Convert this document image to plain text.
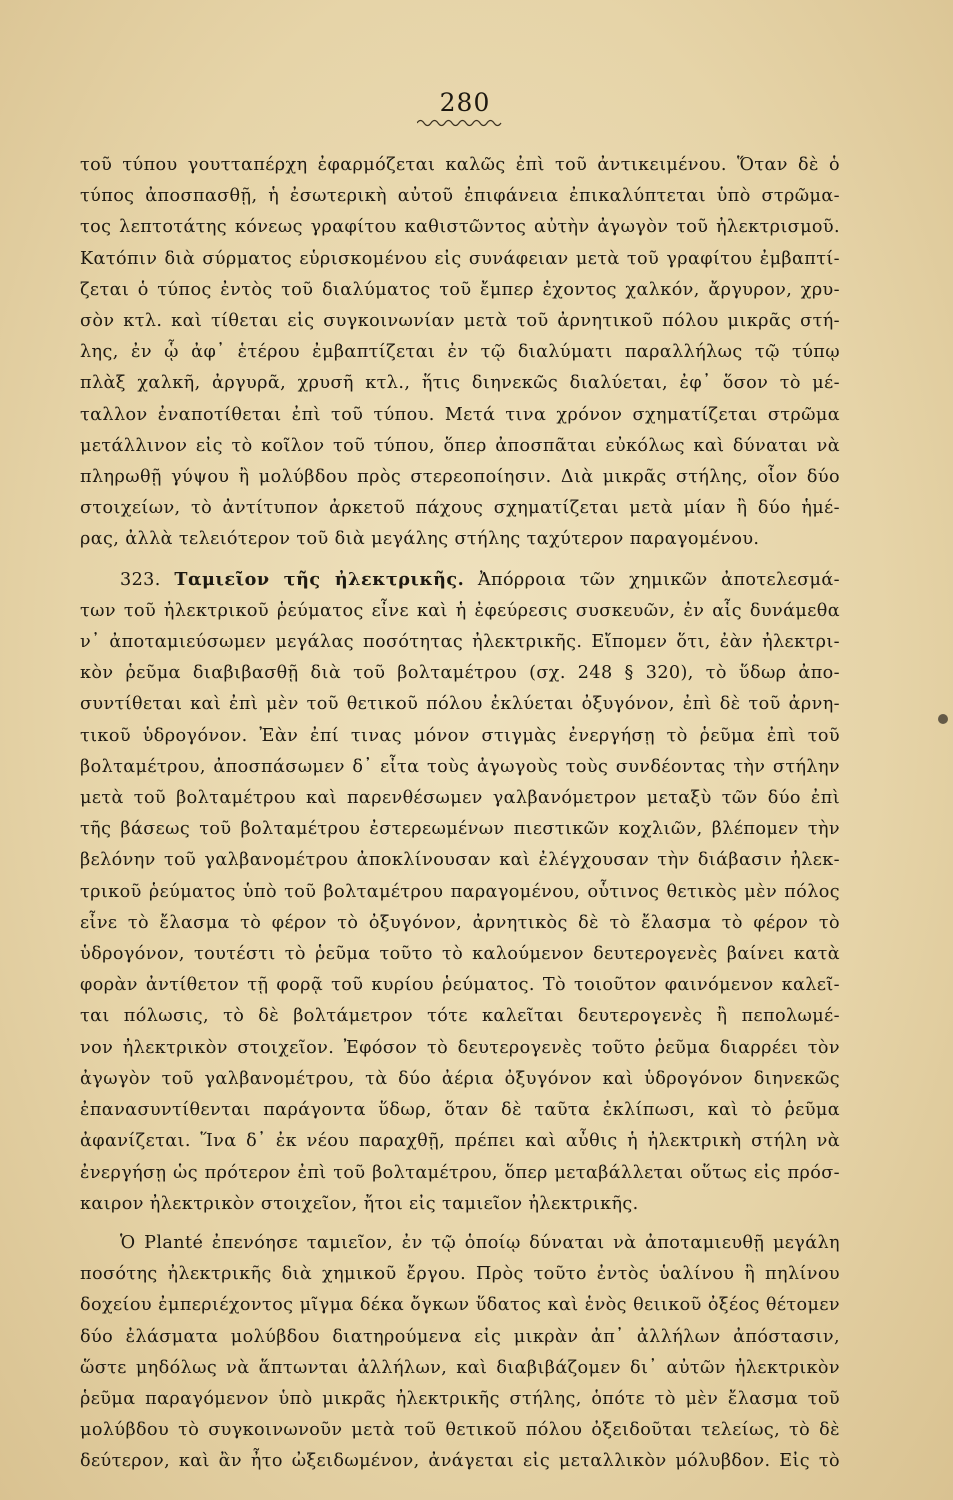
280
τοῦ τύπου γουτταπέρχη ἐφαρμόζεται καλῶς ἐπὶ τοῦ ἀντικειμένου. Ὅταν δὲ ὁ
τύπος ἀποσπασθῇ, ἡ ἐσωτερικὴ αὐτοῦ ἐπιφάνεια ἐπικαλύπτεται ὑπὸ στρῶμα-
τος λεπτοτάτης κόνεως γραφίτου καθιστῶντος αὐτὴν ἀγωγὸν τοῦ ἠλεκτρισμοῦ.
Κατόπιν διὰ σύρματος εὑρισκομένου εἰς συνάφειαν μετὰ τοῦ γραφίτου ἐμβαπτί-
ζεται ὁ τύπος ἐντὸς τοῦ διαλύματος τοῦ ἔμπερ ἐχοντος χαλκόν, ἄργυρον, χρυ-
σὸν κτλ. καὶ τίθεται εἰς συγκοινωνίαν μετὰ τοῦ ἀρνητικοῦ πόλου μικρᾶς στή-
λης, ἐν ᾧ ἀφ᾽ ἑτέρου ἐμβαπτίζεται ἐν τῷ διαλύματι παραλλήλως τῷ τύπῳ
πλὰξ χαλκῆ, ἀργυρᾶ, χρυσῆ κτλ., ἥτις διηνεκῶς διαλύεται, ἐφ᾽ ὅσον τὸ μέ-
ταλλον ἐναποτίθεται ἐπὶ τοῦ τύπου. Μετά τινα χρόνον σχηματίζεται στρῶμα
μετάλλινον εἰς τὸ κοῖλον τοῦ τύπου, ὅπερ ἀποσπᾶται εὐκόλως καὶ δύναται νὰ
πληρωθῇ γύψου ἢ μολύβδου πρὸς στερεοποίησιν. Διὰ μικρᾶς στήλης, οἷον δύο
στοιχείων, τὸ ἀντίτυπον ἀρκετοῦ πάχους σχηματίζεται μετὰ μίαν ἢ δύο ἡμέ-
ρας, ἀλλὰ τελειότερον τοῦ διὰ μεγάλης στήλης ταχύτερον παραγομένου.
323. Ταμιεῖον τῆς ἠλεκτρικῆς. Ἀπόρροια τῶν χημικῶν ἀποτελεσμά-
των τοῦ ἠλεκτρικοῦ ῥεύματος εἶνε καὶ ἡ ἐφεύρεσις συσκευῶν, ἐν αἷς δυνάμεθα
ν᾽ ἀποταμιεύσωμεν μεγάλας ποσότητας ἠλεκτρικῆς. Εἴπομεν ὅτι, ἐὰν ἠλεκτρι-
κὸν ῥεῦμα διαβιβασθῇ διὰ τοῦ βολταμέτρου (σχ. 248 § 320), τὸ ὕδωρ ἀπο-
συντίθεται καὶ ἐπὶ μὲν τοῦ θετικοῦ πόλου ἐκλύεται ὀξυγόνον, ἐπὶ δὲ τοῦ ἀρνη-
τικοῦ ὑδρογόνον. Ἐὰν ἐπί τινας μόνον στιγμὰς ἐνεργήσῃ τὸ ῥεῦμα ἐπὶ τοῦ
βολταμέτρου, ἀποσπάσωμεν δ᾽ εἶτα τοὺς ἀγωγοὺς τοὺς συνδέοντας τὴν στήλην
μετὰ τοῦ βολταμέτρου καὶ παρενθέσωμεν γαλβανόμετρον μεταξὺ τῶν δύο ἐπὶ
τῆς βάσεως τοῦ βολταμέτρου ἐστερεωμένων πιεστικῶν κοχλιῶν, βλέπομεν τὴν
βελόνην τοῦ γαλβανομέτρου ἀποκλίνουσαν καὶ ἐλέγχουσαν τὴν διάβασιν ἠλεκ-
τρικοῦ ῥεύματος ὑπὸ τοῦ βολταμέτρου παραγομένου, οὗτινος θετικὸς μὲν πόλος
εἶνε τὸ ἔλασμα τὸ φέρον τὸ ὀξυγόνον, ἀρνητικὸς δὲ τὸ ἔλασμα τὸ φέρον τὸ
ὑδρογόνον, τουτέστι τὸ ῥεῦμα τοῦτο τὸ καλούμενον δευτερογενὲς βαίνει κατὰ
φορὰν ἀντίθετον τῇ φορᾷ τοῦ κυρίου ῥεύματος. Τὸ τοιοῦτον φαινόμενον καλεῖ-
ται πόλωσις, τὸ δὲ βολτάμετρον τότε καλεῖται δευτερογενὲς ἢ πεπολωμέ-
νον ἠλεκτρικὸν στοιχεῖον. Ἐφόσον τὸ δευτερογενὲς τοῦτο ῥεῦμα διαρρέει τὸν
ἀγωγὸν τοῦ γαλβανομέτρου, τὰ δύο ἀέρια ὀξυγόνον καὶ ὑδρογόνον διηνεκῶς
ἐπανασυντίθενται παράγοντα ὕδωρ, ὅταν δὲ ταῦτα ἐκλίπωσι, καὶ τὸ ῥεῦμα
ἀφανίζεται. Ἵνα δ᾽ ἐκ νέου παραχθῇ, πρέπει καὶ αὖθις ἡ ἠλεκτρικὴ στήλη νὰ
ἐνεργήσῃ ὡς πρότερον ἐπὶ τοῦ βολταμέτρου, ὅπερ μεταβάλλεται οὕτως εἰς πρόσ-
καιρον ἠλεκτρικὸν στοιχεῖον, ἤτοι εἰς ταμιεῖον ἠλεκτρικῆς.
Ὁ Planté ἐπενόησε ταμιεῖον, ἐν τῷ ὁποίῳ δύναται νὰ ἀποταμιευθῇ μεγάλη
ποσότης ἠλεκτρικῆς διὰ χημικοῦ ἔργου. Πρὸς τοῦτο ἐντὸς ὑαλίνου ἢ πηλίνου
δοχείου ἐμπεριέχοντος μῖγμα δέκα ὄγκων ὕδατος καὶ ἑνὸς θειικοῦ ὀξέος θέτομεν
δύο ἐλάσματα μολύβδου διατηρούμενα εἰς μικρὰν ἀπ᾽ ἀλλήλων ἀπόστασιν,
ὥστε μηδόλως νὰ ἅπτωνται ἀλλήλων, καὶ διαβιβάζομεν δι᾽ αὐτῶν ἠλεκτρικὸν
ῥεῦμα παραγόμενον ὑπὸ μικρᾶς ἠλεκτρικῆς στήλης, ὁπότε τὸ μὲν ἔλασμα τοῦ
μολύβδου τὸ συγκοινωνοῦν μετὰ τοῦ θετικοῦ πόλου ὀξειδοῦται τελείως, τὸ δὲ
δεύτερον, καὶ ἂν ἦτο ὠξειδωμένον, ἀνάγεται εἰς μεταλλικὸν μόλυβδον. Εἰς τὸ
